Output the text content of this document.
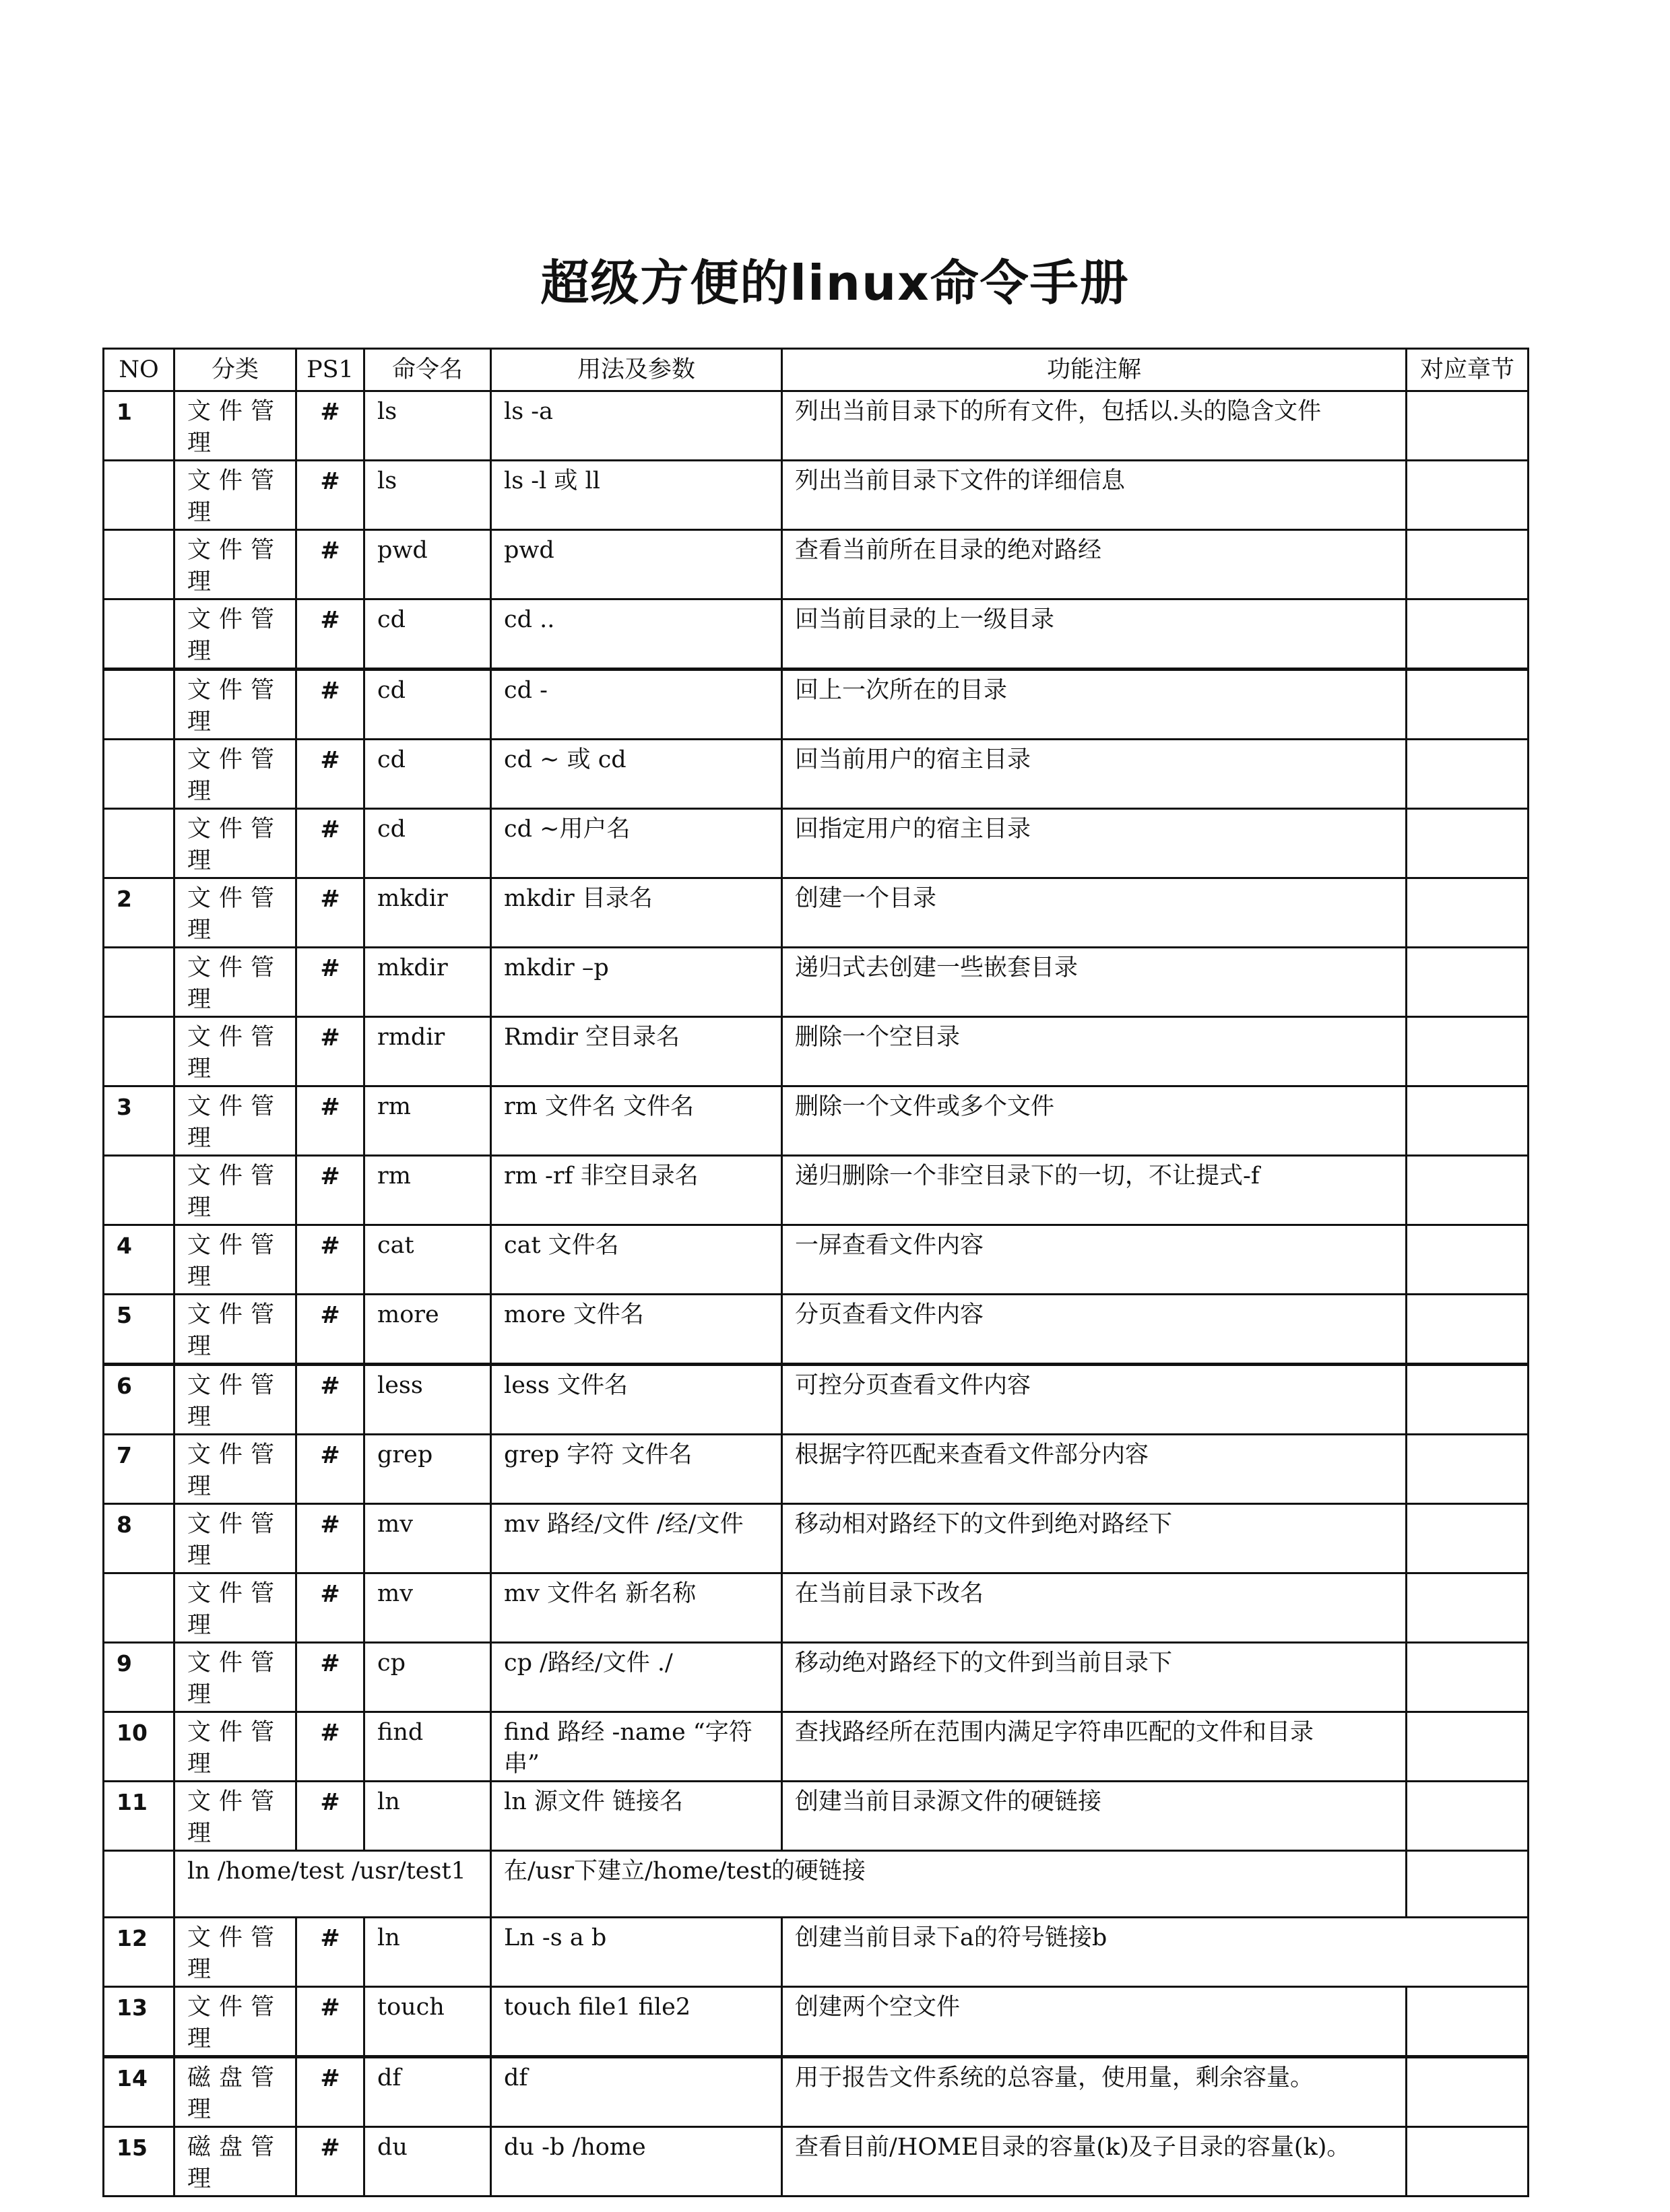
超级方便的linux命令手册
NO	分类	PS1	命令名	用法及参数	功能注解	对应章节
1	文件管理	#	ls	ls -a	列出当前目录下的所有文件，包括以.头的隐含文件	
	文件管理	#	ls	ls -l 或 ll	列出当前目录下文件的详细信息	
	文件管理	#	pwd	pwd	查看当前所在目录的绝对路经	
	文件管理	#	cd	cd ..	回当前目录的上一级目录	
	文件管理	#	cd	cd -	回上一次所在的目录	
	文件管理	#	cd	cd ~ 或 cd	回当前用户的宿主目录	
	文件管理	#	cd	cd ~用户名	回指定用户的宿主目录	
2	文件管理	#	mkdir	mkdir 目录名	创建一个目录	
	文件管理	#	mkdir	mkdir –p	递归式去创建一些嵌套目录	
	文件管理	#	rmdir	Rmdir 空目录名	删除一个空目录	
3	文件管理	#	rm	rm 文件名 文件名	删除一个文件或多个文件	
	文件管理	#	rm	rm -rf 非空目录名	递归删除一个非空目录下的一切，不让提式-f	
4	文件管理	#	cat	cat 文件名	一屏查看文件内容	
5	文件管理	#	more	more 文件名	分页查看文件内容	
6	文件管理	#	less	less 文件名	可控分页查看文件内容	
7	文件管理	#	grep	grep 字符 文件名	根据字符匹配来查看文件部分内容	
8	文件管理	#	mv	mv 路经/文件 /经/文件	移动相对路经下的文件到绝对路经下	
	文件管理	#	mv	mv 文件名 新名称	在当前目录下改名	
9	文件管理	#	cp	cp /路经/文件 ./	移动绝对路经下的文件到当前目录下	
10	文件管理	#	find	find 路经 -name “字符串”	查找路经所在范围内满足字符串匹配的文件和目录	
11	文件管理	#	ln	ln 源文件 链接名	创建当前目录源文件的硬链接	
	ln /home/test /usr/test1			在/usr下建立/home/test的硬链接		
12	文件管理	#	ln	Ln -s a b	创建当前目录下a的符号链接b	
13	文件管理	#	touch	touch file1 file2	创建两个空文件	
14	磁盘管理	#	df	df	用于报告文件系统的总容量，使用量，剩余容量。	
15	磁盘管理	#	du	du -b /home	查看目前/HOME目录的容量(k)及子目录的容量(k)。	
